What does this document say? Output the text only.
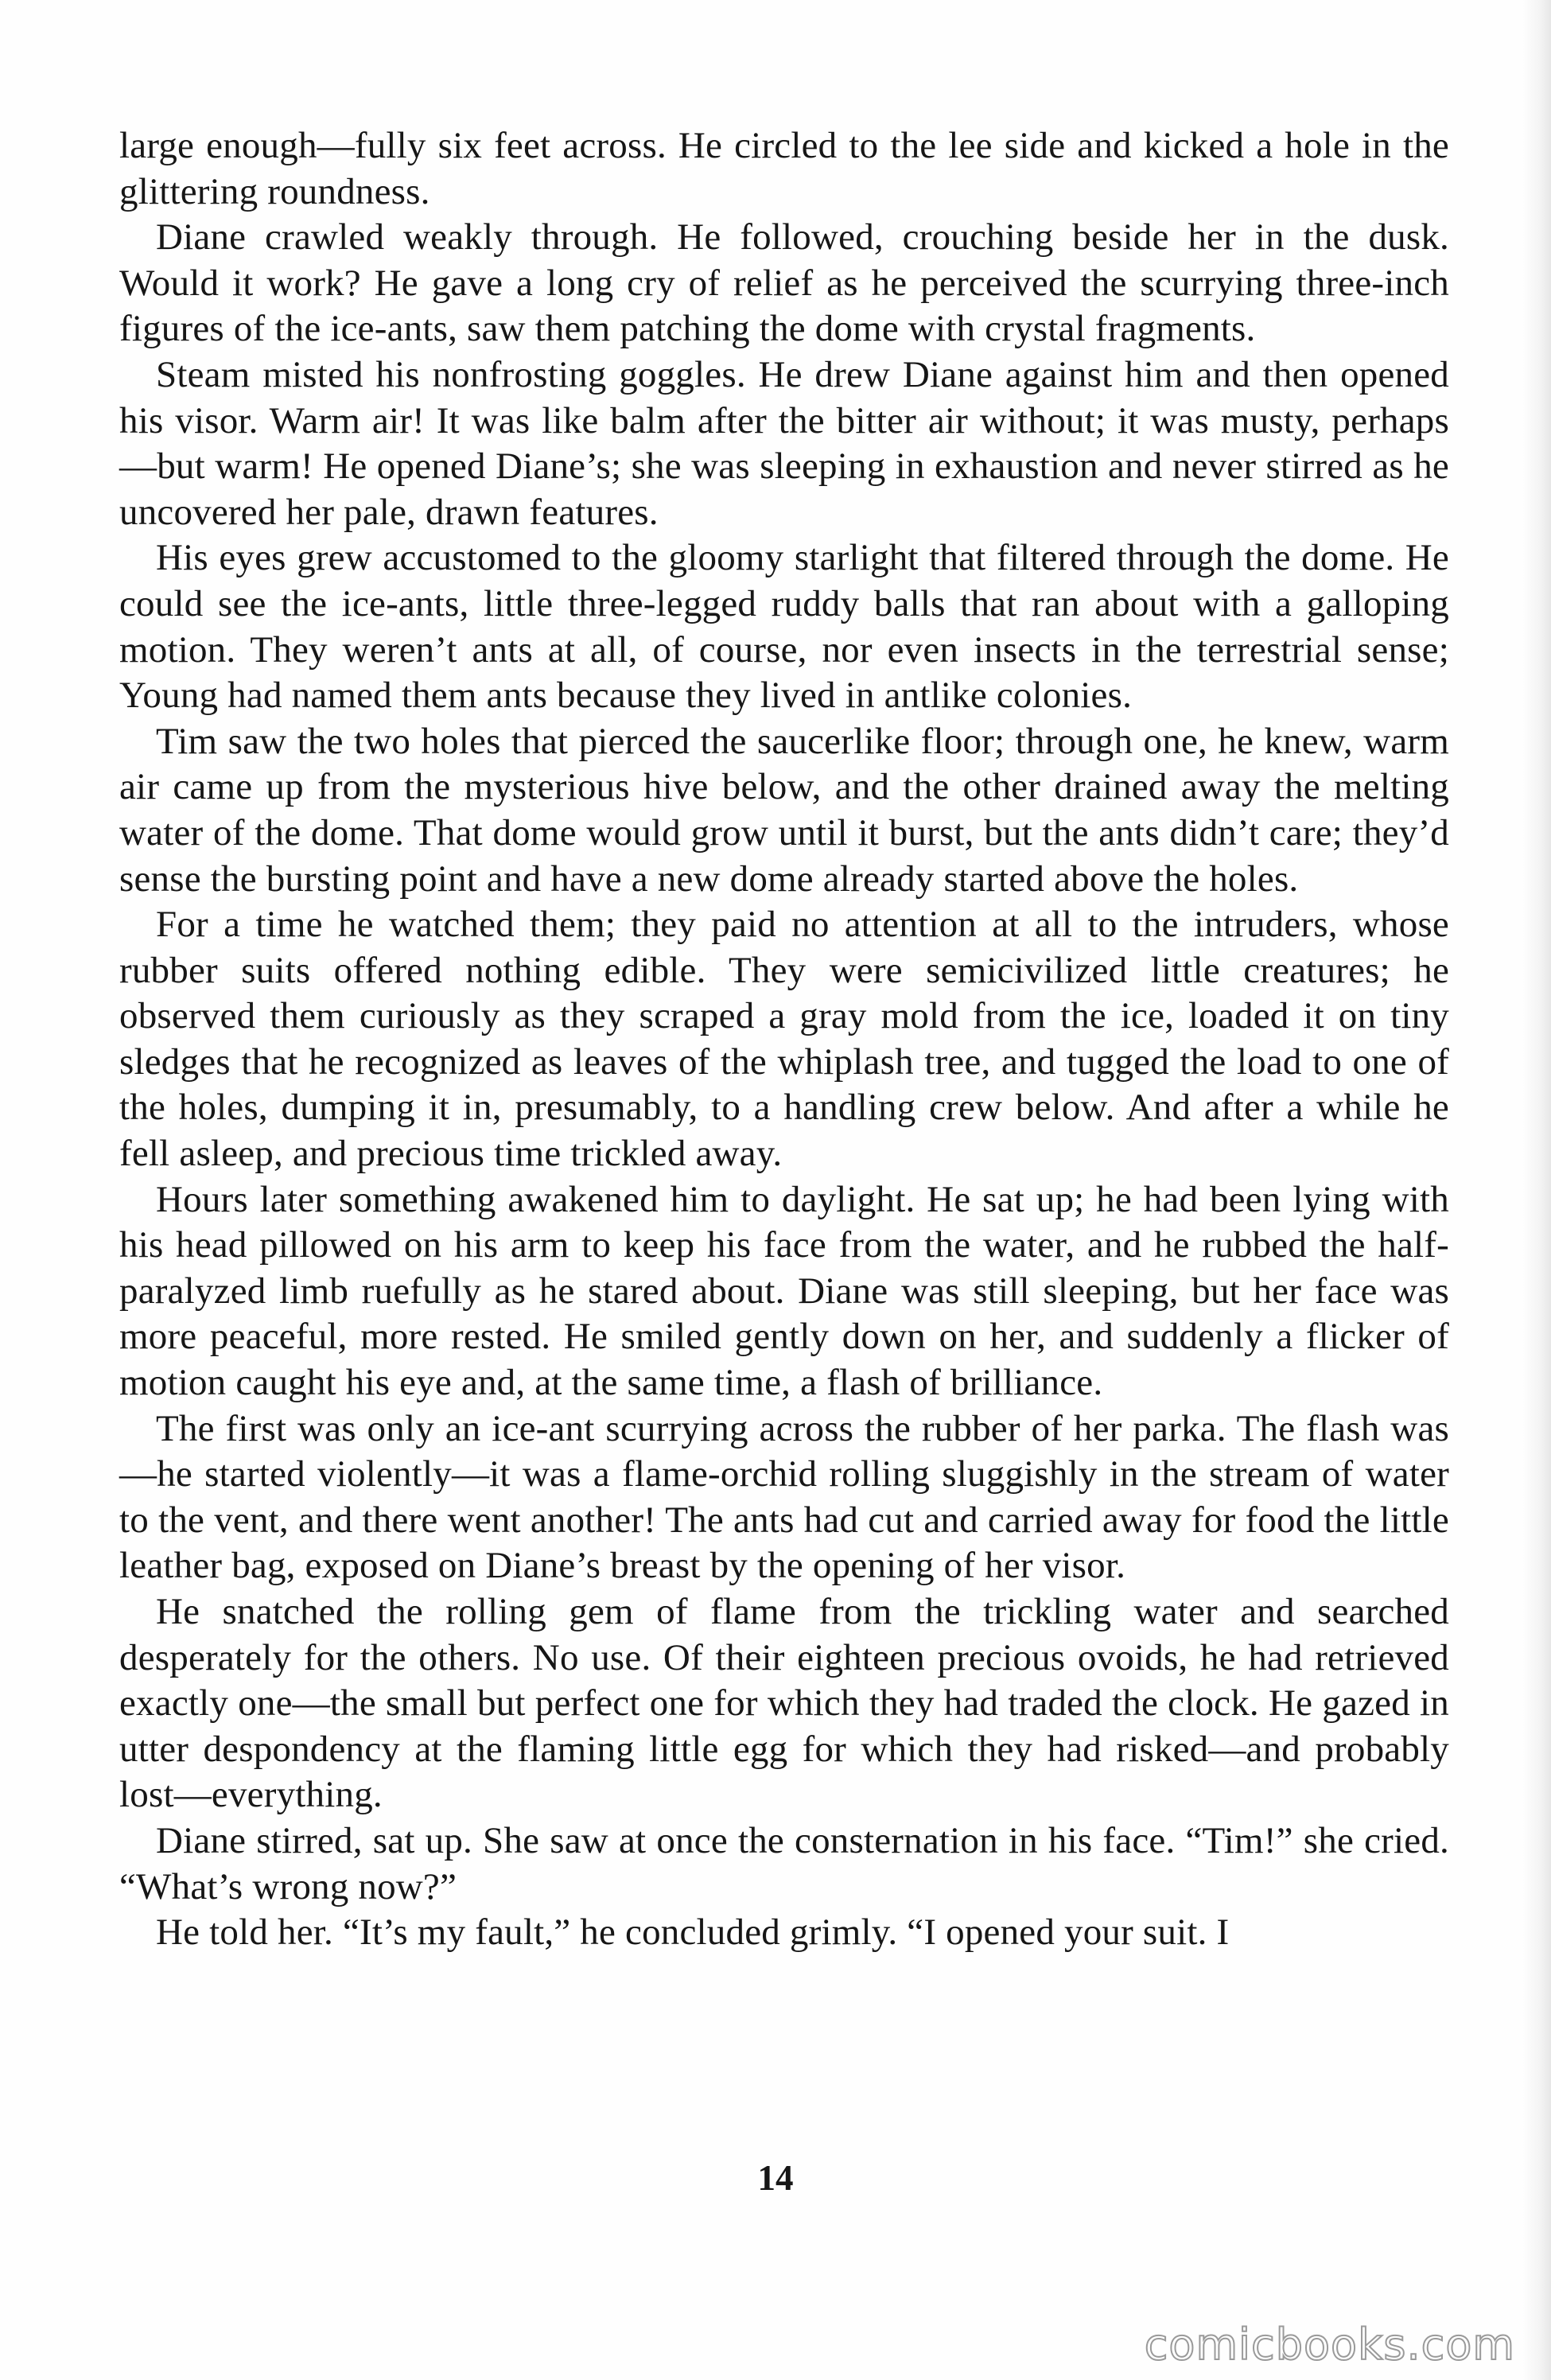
large enough—fully six feet across. He circled to the lee side and kicked a hole in the glittering roundness.

Diane crawled weakly through. He followed, crouching beside her in the dusk. Would it work? He gave a long cry of relief as he perceived the scurrying three-inch figures of the ice-ants, saw them patching the dome with crystal fragments.

Steam misted his nonfrosting goggles. He drew Diane against him and then opened his visor. Warm air! It was like balm after the bitter air without; it was musty, perhaps—but warm! He opened Diane’s; she was sleeping in exhaustion and never stirred as he uncovered her pale, drawn features.

His eyes grew accustomed to the gloomy starlight that filtered through the dome. He could see the ice-ants, little three-legged ruddy balls that ran about with a galloping motion. They weren’t ants at all, of course, nor even insects in the terrestrial sense; Young had named them ants because they lived in antlike colonies.

Tim saw the two holes that pierced the saucerlike floor; through one, he knew, warm air came up from the mysterious hive below, and the other drained away the melting water of the dome. That dome would grow until it burst, but the ants didn’t care; they’d sense the bursting point and have a new dome already started above the holes.

For a time he watched them; they paid no attention at all to the intruders, whose rubber suits offered nothing edible. They were semicivilized little creatures; he observed them curiously as they scraped a gray mold from the ice, loaded it on tiny sledges that he recognized as leaves of the whiplash tree, and tugged the load to one of the holes, dumping it in, presumably, to a handling crew below. And after a while he fell asleep, and precious time trickled away.

Hours later something awakened him to daylight. He sat up; he had been lying with his head pillowed on his arm to keep his face from the water, and he rubbed the half-paralyzed limb ruefully as he stared about. Diane was still sleeping, but her face was more peaceful, more rested. He smiled gently down on her, and suddenly a flicker of motion caught his eye and, at the same time, a flash of brilliance.

The first was only an ice-ant scurrying across the rubber of her parka. The flash was—he started violently—it was a flame-orchid rolling sluggishly in the stream of water to the vent, and there went another! The ants had cut and carried away for food the little leather bag, exposed on Diane’s breast by the opening of her visor.

He snatched the rolling gem of flame from the trickling water and searched desperately for the others. No use. Of their eighteen precious ovoids, he had retrieved exactly one—the small but perfect one for which they had traded the clock. He gazed in utter despondency at the flaming little egg for which they had risked—and probably lost—everything.

Diane stirred, sat up. She saw at once the consternation in his face. “Tim!” she cried. “What’s wrong now?”

He told her. “It’s my fault,” he concluded grimly. “I opened your suit. I

14
comicbooks.com
